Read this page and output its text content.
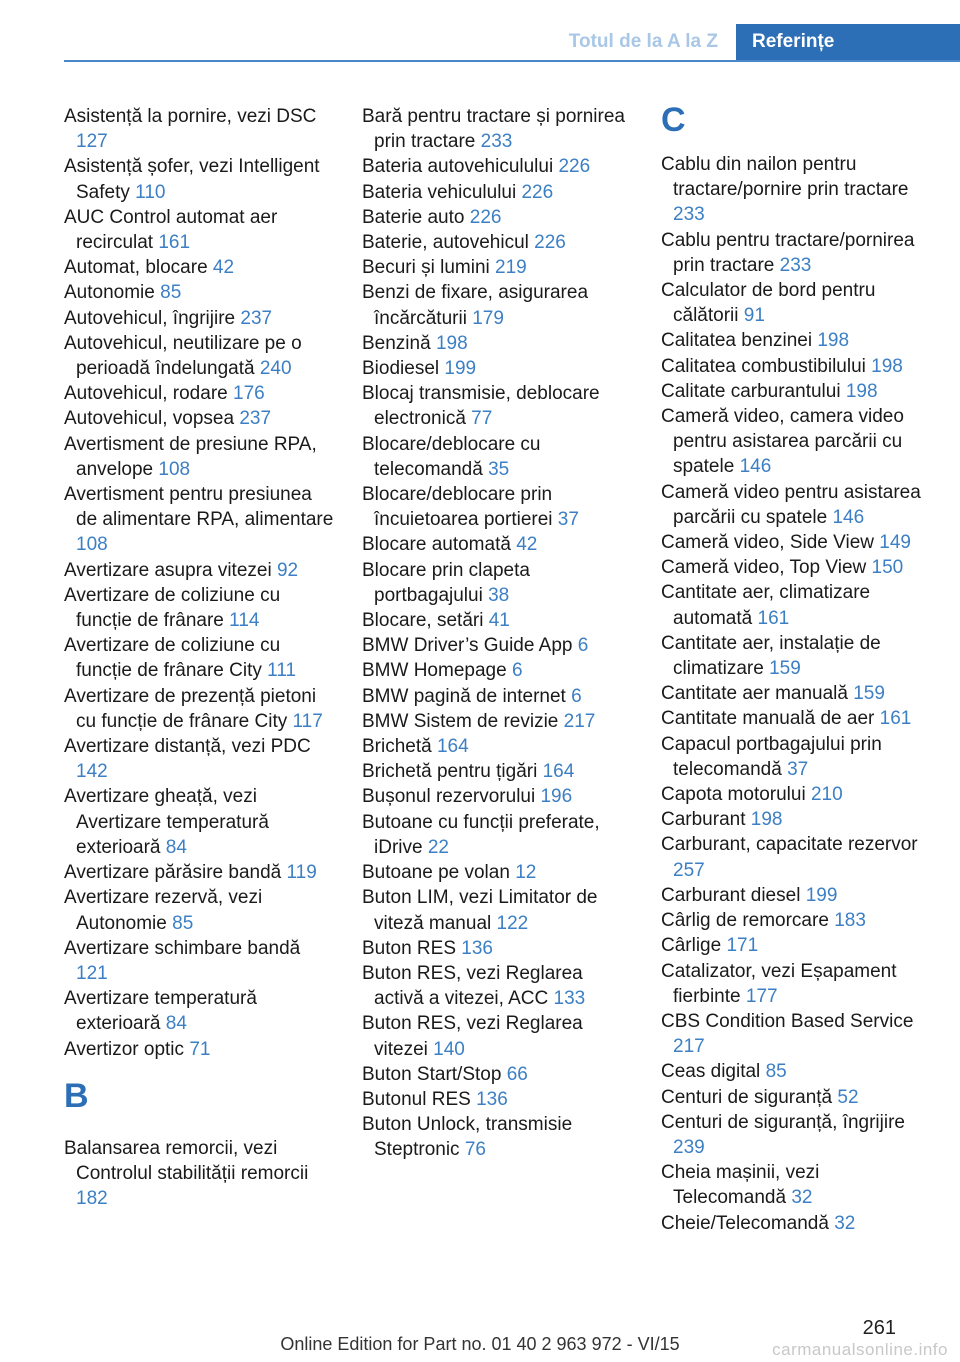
Totul de la A la Z	Referințe

Asistență la pornire, vezi DSC 127

Asistență șofer, vezi Intelligent Safety 110

AUC Control automat aer recirculat 161

Automat, blocare 42

Autonomie 85

Autovehicul, îngrijire 237

Autovehicul, neutilizare pe o perioadă îndelungată 240

Autovehicul, rodare 176

Autovehicul, vopsea 237

Avertisment de presiune RPA, anvelope 108

Avertisment pentru presiunea de alimentare RPA, alimentare 108

Avertizare asupra vitezei 92

Avertizare de coliziune cu funcție de frânare 114

Avertizare de coliziune cu funcție de frânare City 111

Avertizare de prezență pietoni cu funcție de frânare City 117

Avertizare distanță, vezi PDC 142

Avertizare gheață, vezi Avertizare temperatură exterioară 84

Avertizare părăsire bandă 119

Avertizare rezervă, vezi Autonomie 85

Avertizare schimbare bandă 121

Avertizare temperatură exterioară 84

Avertizor optic 71

B

Balansarea remorcii, vezi Controlul stabilității remorcii 182

Bară pentru tractare și pornirea prin tractare 233

Bateria autovehiculului 226

Bateria vehiculului 226

Baterie auto 226

Baterie, autovehicul 226

Becuri și lumini 219

Benzi de fixare, asigurarea încărcăturii 179

Benzină 198

Biodiesel 199

Blocaj transmisie, deblocare electronică 77

Blocare/deblocare cu telecomandă 35

Blocare/deblocare prin încuietoarea portierei 37

Blocare automată 42

Blocare prin clapeta portbagajului 38

Blocare, setări 41

BMW Driver’s Guide App 6

BMW Homepage 6

BMW pagină de internet 6

BMW Sistem de revizie 217

Brichetă 164

Brichetă pentru țigări 164

Bușonul rezervorului 196

Butoane cu funcții preferate, iDrive 22

Butoane pe volan 12

Buton LIM, vezi Limitator de viteză manual 122

Buton RES 136

Buton RES, vezi Reglarea activă a vitezei, ACC 133

Buton RES, vezi Reglarea vitezei 140

Buton Start/Stop 66

Butonul RES 136

Buton Unlock, transmisie Steptronic 76

C

Cablu din nailon pentru tractare/pornire prin tractare 233

Cablu pentru tractare/pornirea prin tractare 233

Calculator de bord pentru călătorii 91

Calitatea benzinei 198

Calitatea combustibilului 198

Calitate carburantului 198

Cameră video, camera video pentru asistarea parcării cu spatele 146

Cameră video pentru asistarea parcării cu spatele 146

Cameră video, Side View 149

Cameră video, Top View 150

Cantitate aer, climatizare automată 161

Cantitate aer, instalație de climatizare 159

Cantitate aer manuală 159

Cantitate manuală de aer 161

Capacul portbagajului prin telecomandă 37

Capota motorului 210

Carburant 198

Carburant, capacitate rezervor 257

Carburant diesel 199

Cârlig de remorcare 183

Cârlige 171

Catalizator, vezi Eșapament fierbinte 177

CBS Condition Based Service 217

Ceas digital 85

Centuri de siguranță 52

Centuri de siguranță, îngrijire 239

Cheia mașinii, vezi Telecomandă 32

Cheie/Telecomandă 32

261
Online Edition for Part no. 01 40 2 963 972 - VI/15	carmanualsonline.info
